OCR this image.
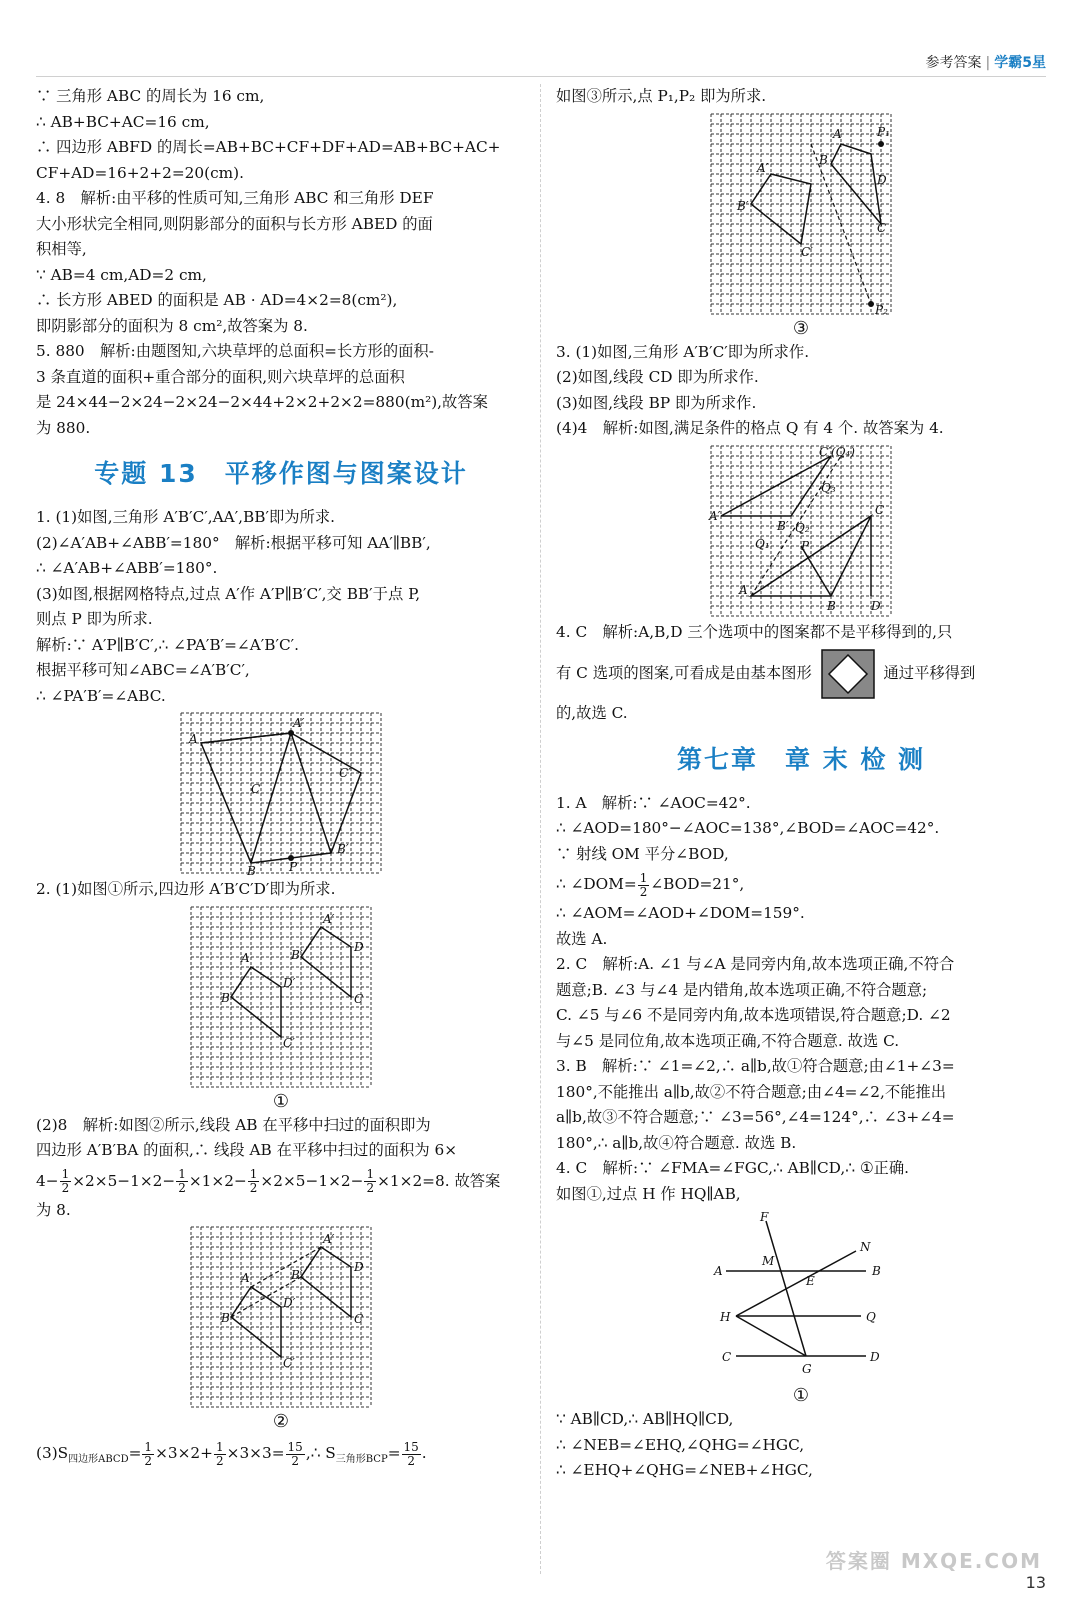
参考答案 | 学霸5星
∵ 三角形 ABC 的周长为 16 cm,
∴ AB+BC+AC=16 cm,
∴ 四边形 ABFD 的周长=AB+BC+CF+DF+AD=AB+BC+AC+
CF+AD=16+2+2=20(cm).
4. 8　解析:由平移的性质可知,三角形 ABC 和三角形 DEF
大小形状完全相同,则阴影部分的面积与长方形 ABED 的面
积相等,
∵ AB=4 cm,AD=2 cm,
∴ 长方形 ABED 的面积是 AB · AD=4×2=8(cm²),
即阴影部分的面积为 8 cm²,故答案为 8.
5. 880　解析:由题图知,六块草坪的总面积=长方形的面积-
3 条直道的面积+重合部分的面积,则六块草坪的总面积
是 24×44−2×24−2×24−2×44+2×2+2×2=880(m²),故答案
为 880.
专题 13　平移作图与图案设计
1. (1)如图,三角形 A′B′C′,AA′,BB′即为所求.
(2)∠A′AB+∠ABB′=180°　解析:根据平移可知 AA′∥BB′,
∴ ∠A′AB+∠ABB′=180°.
(3)如图,根据网格特点,过点 A′作 A′P∥B′C′,交 BB′于点 P,
则点 P 即为所求.
解析:∵ A′P∥B′C′,∴ ∠PA′B′=∠A′B′C′.
根据平移可知∠ABC=∠A′B′C′,
∴ ∠PA′B′=∠ABC.
A
A′
C
C′
B	P
B′
2. (1)如图①所示,四边形 A′B′C′D′即为所求.
A
A′
B
B′
D′
D
C
C′
①
(2)8　解析:如图②所示,线段 AB 在平移中扫过的面积即为
四边形 A′B′BA 的面积,∴ 线段 AB 在平移中扫过的面积为 6×
$4- \frac{1}{2} \times 2\times 5-1\times 2- \frac{1}{2} \times 1\times 2- \frac{1}{2} \times 2\times 5-1\times 2- \frac{1}{2} \times 1\times 2=8$. 故答案
为 8.
A
A′
B
B′
D′
D
C
C′
②
$(3)S_{四边形ABCD}= \frac{1}{2} \times 3\times 2+ \frac{1}{2} \times 3\times 3= \frac{15}{2}$ ,∴ $S_{三角形BCP}= \frac{15}{2}$ .
如图③所示,点 P₁,P₂ 即为所求.
A	P₁
A′
B
B′
D
C
C′
P₂
③
3. (1)如图,三角形 A′B′C′即为所求作.
(2)如图,线段 CD 即为所求作.
(3)如图,线段 BP 即为所求作.
(4)4　解析:如图,满足条件的格点 Q 有 4 个. 故答案为 4.
C′(Q₄)
Q₃
A′
B′ Q₂
C
Q₁	P
A
B	D
4. C　解析:A,B,D 三个选项中的图案都不是平移得到的,只
有 C 选项的图案,可看成是由基本图形	通过平移得到
的,故选 C.
第七章　章 末 检 测
1. A　解析:∵ ∠AOC=42°.
∴ ∠AOD=180°−∠AOC=138°,∠BOD=∠AOC=42°.
∵ 射线 OM 平分∠BOD,
∴ ∠DOM= $\frac{1}{2}$ ∠BOD=21°,
∴ ∠AOM=∠AOD+∠DOM=159°.
故选 A.
2. C　解析:A. ∠1 与∠A 是同旁内角,故本选项正确,不符合
题意;B. ∠3 与∠4 是内错角,故本选项正确,不符合题意;
C. ∠5 与∠6 不是同旁内角,故本选项错误,符合题意;D. ∠2
与∠5 是同位角,故本选项正确,不符合题意. 故选 C.
3. B　解析:∵ ∠1=∠2,∴ a∥b,故①符合题意;由∠1+∠3=
180°,不能推出 a∥b,故②不符合题意;由∠4=∠2,不能推出
a∥b,故③不符合题意;∵ ∠3=56°,∠4=124°,∴ ∠3+∠4=
180°,∴ a∥b,故④符合题意. 故选 B.
4. C　解析:∵ ∠FMA=∠FGC,∴ AB∥CD,∴ ①正确.
如图①,过点 H 作 HQ∥AB,
F
N
M
A
E
B
H	Q
C
G
D
①
∵ AB∥CD,∴ AB∥HQ∥CD,
∴ ∠NEB=∠EHQ,∠QHG=∠HGC,
∴ ∠EHQ+∠QHG=∠NEB+∠HGC,
答案圈 MXQE.COM
13
